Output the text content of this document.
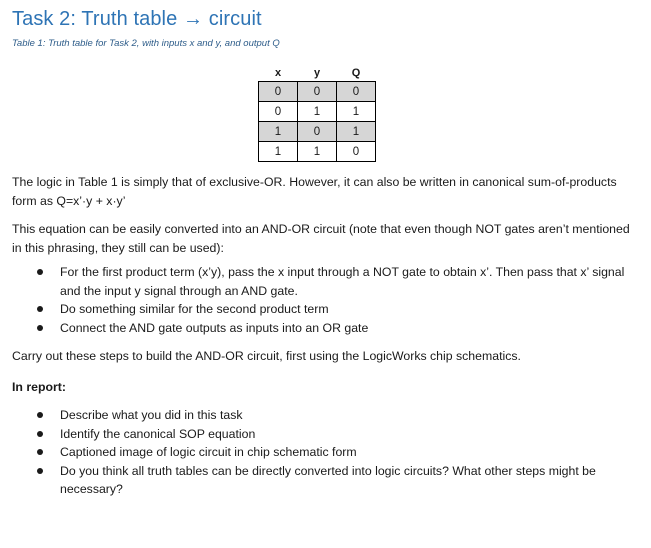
Task 2: Truth table → circuit
Table 1: Truth table for Task 2, with inputs x and y, and output Q
x	y	Q
0	0	0
0	1	1
1	0	1
1	1	0

The logic in Table 1 is simply that of exclusive-OR. However, it can also be written in canonical sum-of-products form as Q=x’·y + x·y’

This equation can be easily converted into an AND-OR circuit (note that even though NOT gates aren’t mentioned in this phrasing, they still can be used):

For the first product term (x’y), pass the x input through a NOT gate to obtain x’. Then pass that x’ signal and the input y signal through an AND gate.
Do something similar for the second product term
Connect the AND gate outputs as inputs into an OR gate

Carry out these steps to build the AND-OR circuit, first using the LogicWorks chip schematics.

In report:

Describe what you did in this task
Identify the canonical SOP equation
Captioned image of logic circuit in chip schematic form
Do you think all truth tables can be directly converted into logic circuits? What other steps might be necessary?
